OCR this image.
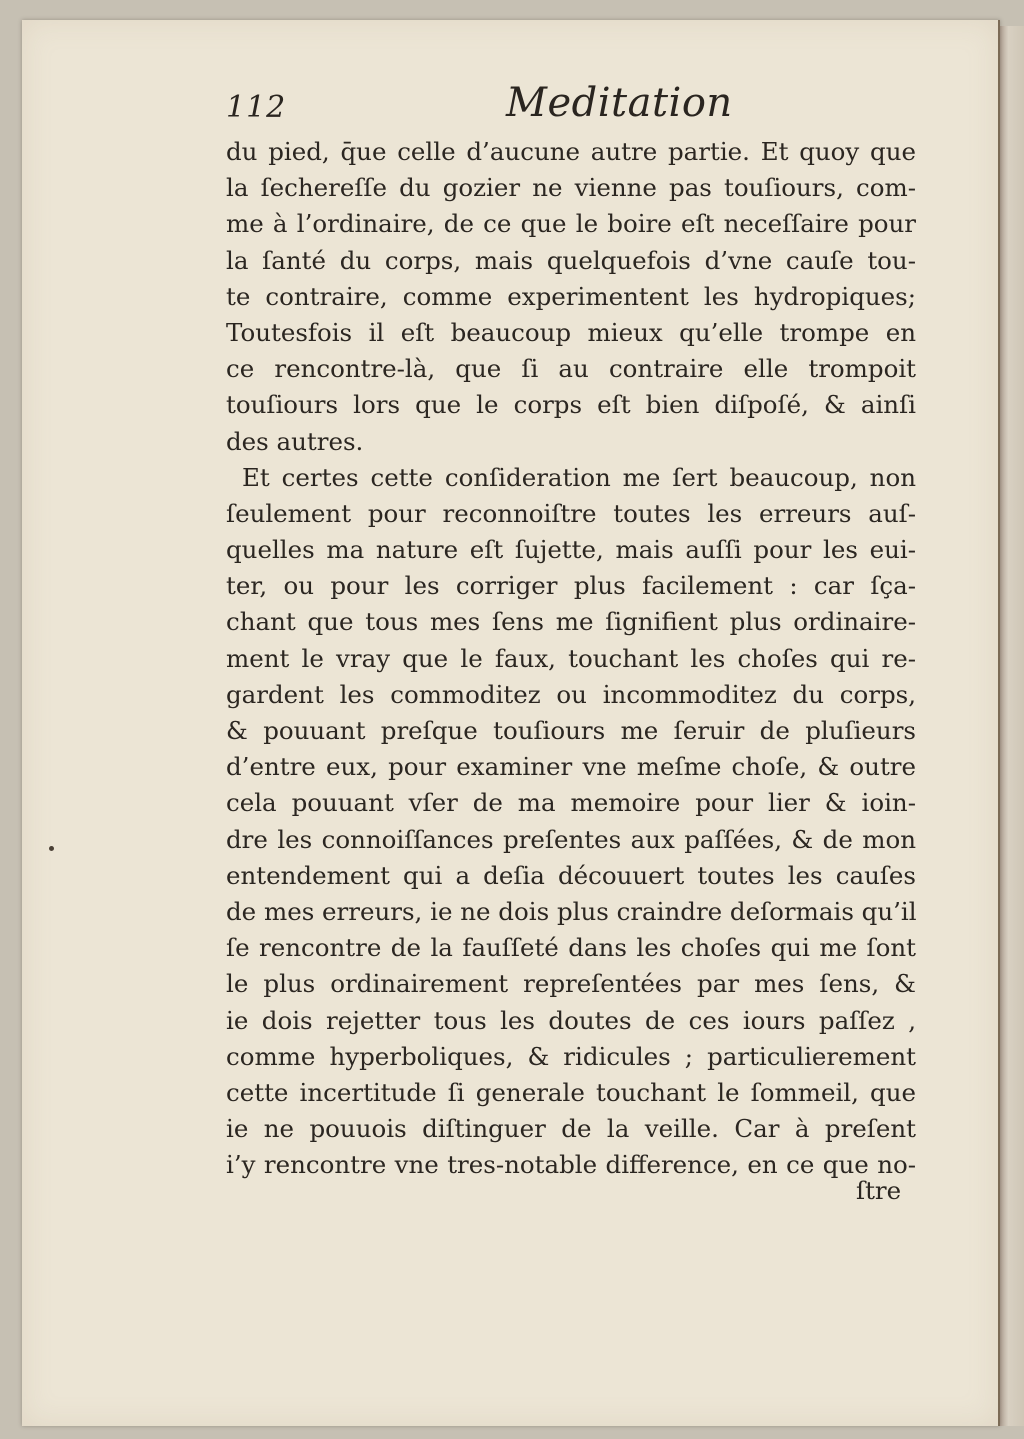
112	Meditation
du pied, q̄ue celle d’aucune autre partie. Et quoy que
la ſechereſſe du gozier ne vienne pas touſiours, com-
me à l’ordinaire, de ce que le boire eſt neceſſaire pour
la ſanté du corps, mais quelquefois d’vne cauſe tou-
te contraire, comme experimentent les hydropiques;
Toutesfois il eſt beaucoup mieux qu’elle trompe en
ce rencontre-là, que ſi au contraire elle trompoit
touſiours lors que le corps eſt bien diſpoſé, & ainſi
des autres.
Et certes cette conſideration me ſert beaucoup, non
ſeulement pour reconnoiſtre toutes les erreurs auſ-
quelles ma nature eſt ſujette, mais auſſi pour les eui-
ter, ou pour les corriger plus facilement : car ſça-
chant que tous mes ſens me ſignifient plus ordinaire-
ment le vray que le faux, touchant les choſes qui re-
gardent les commoditez ou incommoditez du corps,
& pouuant preſque touſiours me ſeruir de pluſieurs
d’entre eux, pour examiner vne meſme choſe, & outre
cela pouuant vſer de ma memoire pour lier & ioin-
dre les connoiſſances preſentes aux paſſées, & de mon
entendement qui a deſia découuert toutes les cauſes
de mes erreurs, ie ne dois plus craindre deſormais qu’il
ſe rencontre de la fauſſeté dans les choſes qui me ſont
le plus ordinairement repreſentées par mes ſens, &
ie dois rejetter tous les doutes de ces iours paſſez ,
comme hyperboliques, & ridicules ; particulierement
cette incertitude ſi generale touchant le ſommeil, que
ie ne pouuois diſtinguer de la veille. Car à preſent
i’y rencontre vne tres-notable difference, en ce que no-
ſtre
